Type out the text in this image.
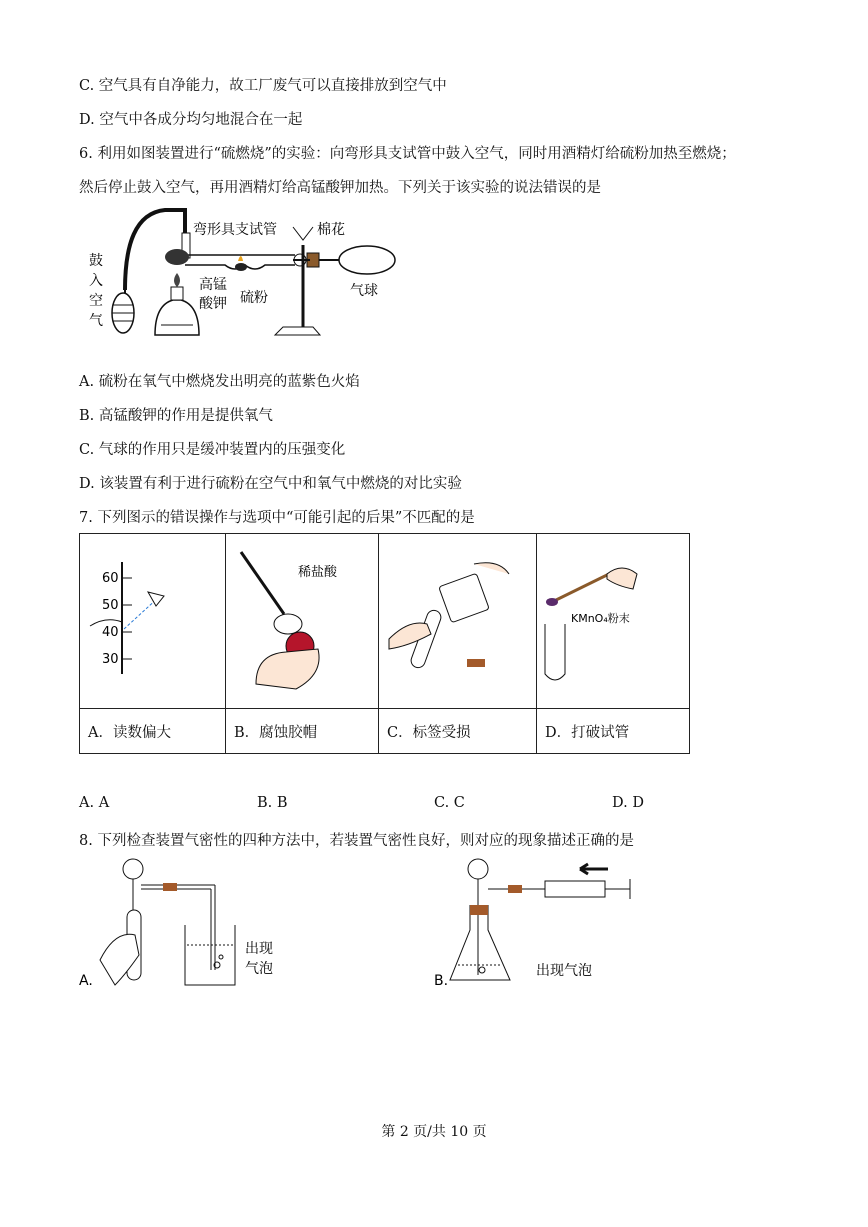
C. 空气具有自净能力，故工厂废气可以直接排放到空气中
D. 空气中各成分均匀地混合在一起
6. 利用如图装置进行“硫燃烧”的实验：向弯形具支试管中鼓入空气，同时用酒精灯给硫粉加热至燃烧；
然后停止鼓入空气，再用酒精灯给高锰酸钾加热。下列关于该实验的说法错误的是
弯形具支试管	棉花
高锰
酸钾 硫粉	气球
鼓
入
空
气
A. 硫粉在氧气中燃烧发出明亮的蓝紫色火焰
B. 高锰酸钾的作用是提供氧气
C. 气球的作用只是缓冲装置内的压强变化
D. 该装置有利于进行硫粉在空气中和氧气中燃烧的对比实验
7. 下列图示的错误操作与选项中“可能引起的后果”不匹配的是
60
50
40
30	稀盐酸		KMnO₄粉末

A．读数偏大	B．腐蚀胶帽	C．标签受损	D．打破试管
A. A	B. B	C. C	D. D
8. 下列检查装置气密性的四种方法中，若装置气密性良好，则对应的现象描述正确的是
A.
出现
气泡
B.
出现气泡
第 2 页/共 10 页
